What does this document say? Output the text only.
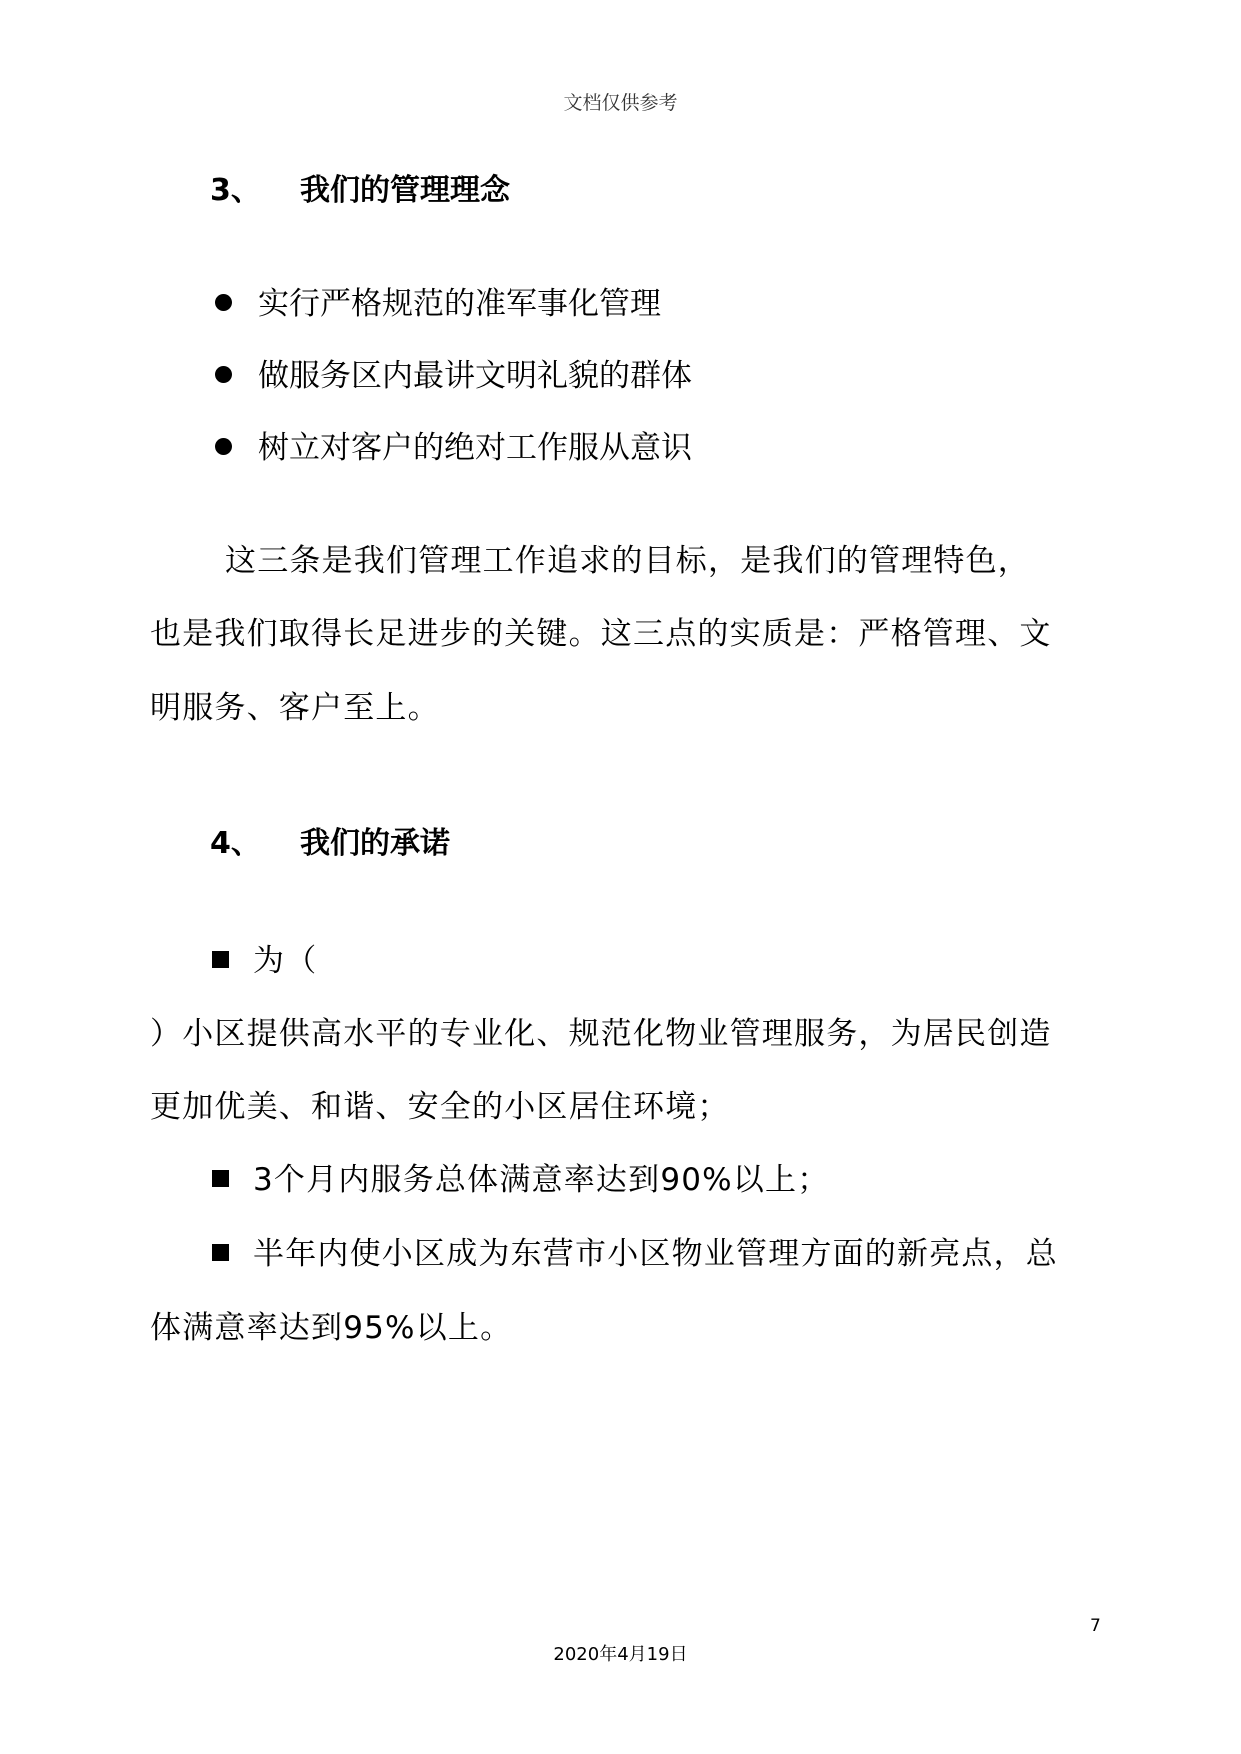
文档仅供参考
3、 我们的管理理念
实行严格规范的准军事化管理
做服务区内最讲文明礼貌的群体
树立对客户的绝对工作服从意识
这三条是我们管理工作追求的目标，是我们的管理特色，
也是我们取得长足进步的关键。这三点的实质是：严格管理、文
明服务、客户至上。
4、 我们的承诺
为（
）小区提供高水平的专业化、规范化物业管理服务，为居民创造
更加优美、和谐、安全的小区居住环境；
3个月内服务总体满意率达到90%以上；
半年内使小区成为东营市小区物业管理方面的新亮点，总
体满意率达到95%以上。
7
2020年4月19日
